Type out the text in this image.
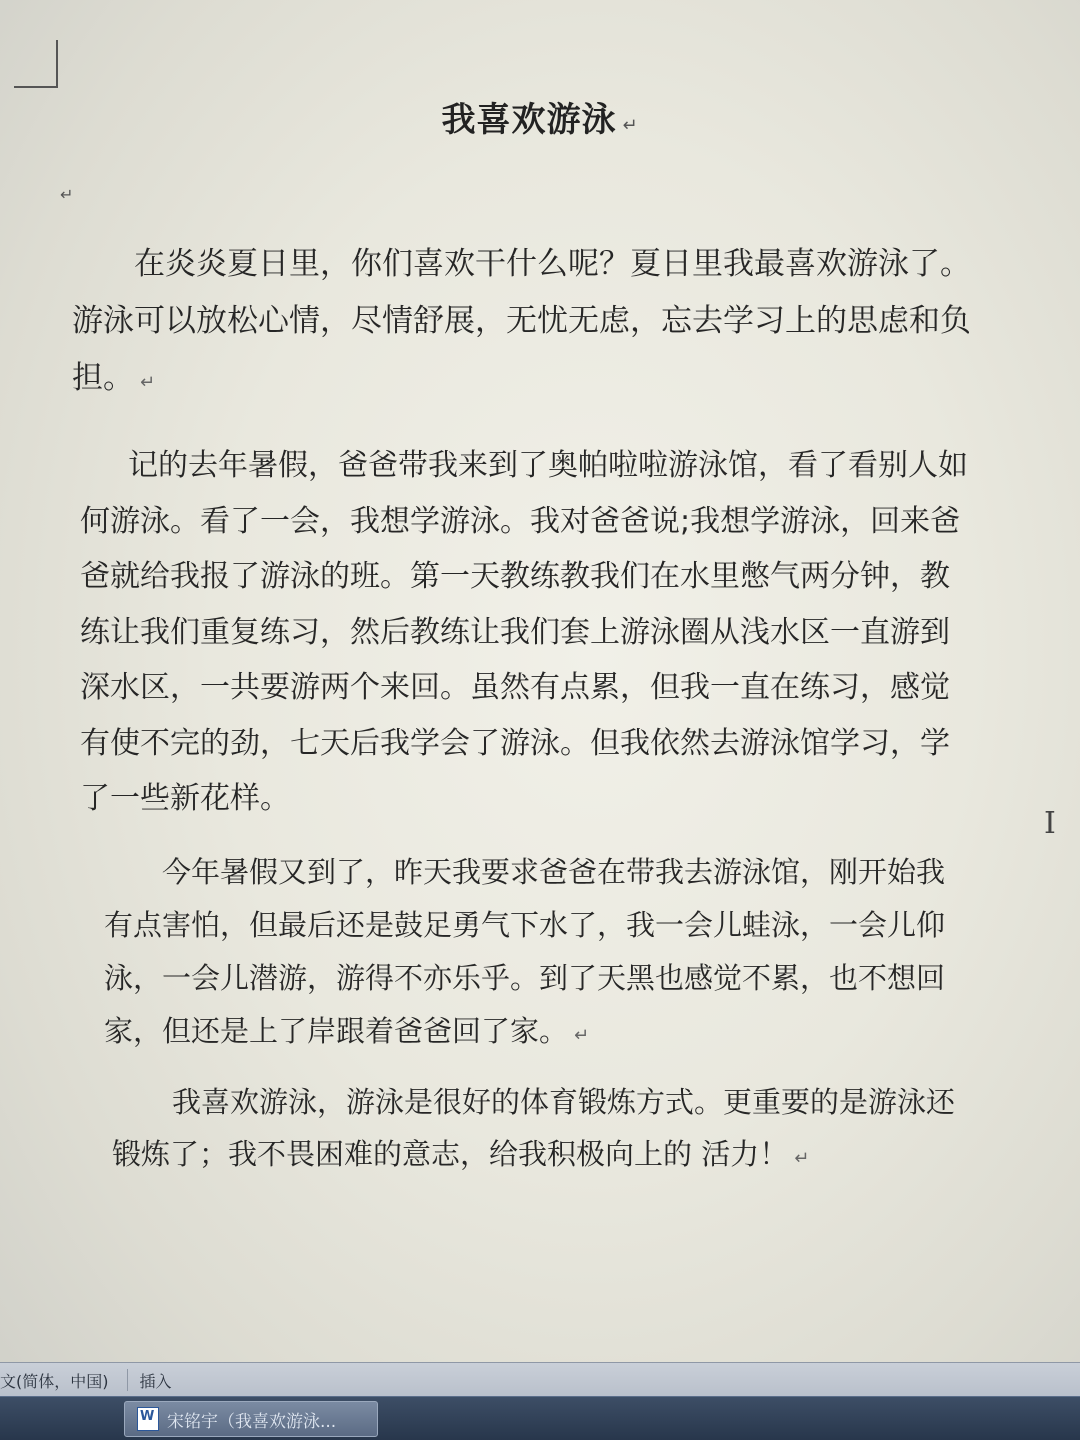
我喜欢游泳 ↵
↵
在炎炎夏日里，你们喜欢干什么呢？夏日里我最喜欢游泳了。
游泳可以放松心情，尽情舒展，无忧无虑，忘去学习上的思虑和负
担。 ↵
记的去年暑假，爸爸带我来到了奥帕啦啦游泳馆，看了看别人如
何游泳。看了一会，我想学游泳。我对爸爸说;我想学游泳，回来爸
爸就给我报了游泳的班。第一天教练教我们在水里憋气两分钟，教
练让我们重复练习，然后教练让我们套上游泳圈从浅水区一直游到
深水区，一共要游两个来回。虽然有点累，但我一直在练习，感觉
有使不完的劲，七天后我学会了游泳。但我依然去游泳馆学习，学
了一些新花样。
今年暑假又到了，昨天我要求爸爸在带我去游泳馆，刚开始我
有点害怕，但最后还是鼓足勇气下水了，我一会儿蛙泳，一会儿仰
泳，一会儿潜游，游得不亦乐乎。到了天黑也感觉不累，也不想回
家，但还是上了岸跟着爸爸回了家。 ↵
我喜欢游泳，游泳是很好的体育锻炼方式。更重要的是游泳还
锻炼了；我不畏困难的意志，给我积极向上的 活力！ ↵
I
文(简体，中国)	插入
W
宋铭宇（我喜欢游泳...
